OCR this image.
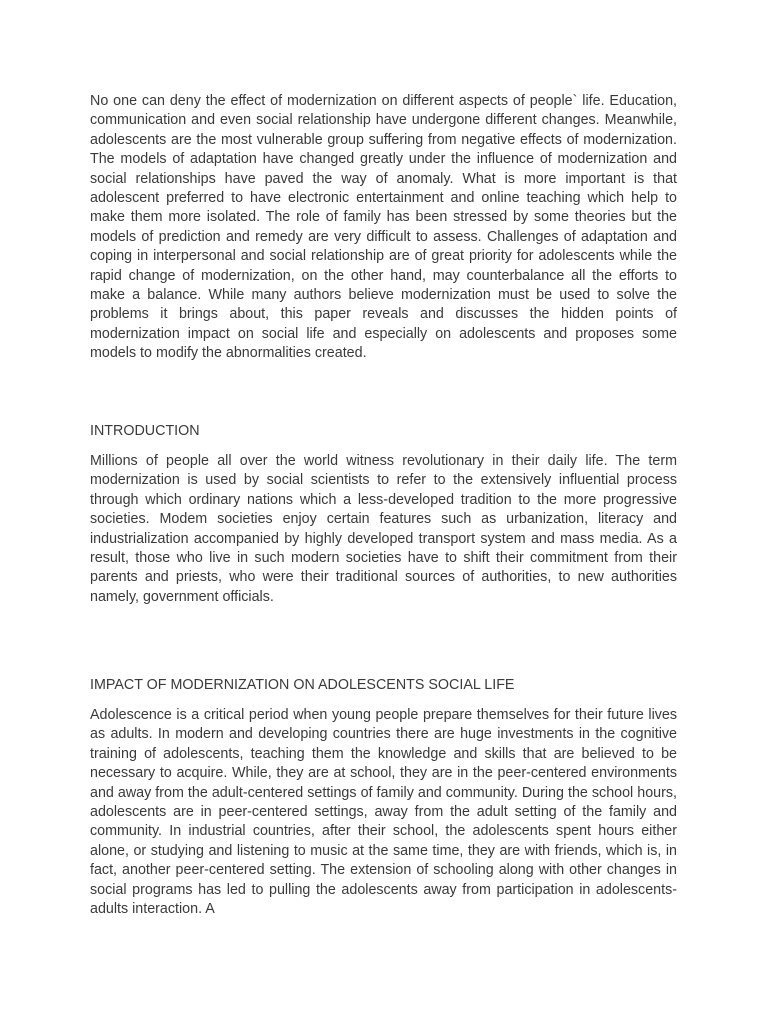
No one can deny the effect of modernization on different aspects of people` life. Education, communication and even social relationship have undergone different changes. Meanwhile, adolescents are the most vulnerable group suffering from negative effects of modernization. The models of adaptation have changed greatly under the influence of modernization and social relationships have paved the way of anomaly. What is more important is that adolescent preferred to have electronic entertainment and online teaching which help to make them more isolated. The role of family has been stressed by some theories but the models of prediction and remedy are very difficult to assess. Challenges of adaptation and coping in interpersonal and social relationship are of great priority for adolescents while the rapid change of modernization, on the other hand, may counterbalance all the efforts to make a balance. While many authors believe modernization must be used to solve the problems it brings about, this paper reveals and discusses the hidden points of modernization impact on social life and especially on adolescents and proposes some models to modify the abnormalities created.

INTRODUCTION

Millions of people all over the world witness revolutionary in their daily life. The term modernization is used by social scientists to refer to the extensively influential process through which ordinary nations which a less-developed tradition to the more progressive societies. Modem societies enjoy certain features such as urbanization, literacy and industrialization accompanied by highly developed transport system and mass media. As a result, those who live in such modern societies have to shift their commitment from their parents and priests, who were their traditional sources of authorities, to new authorities namely, government officials.

IMPACT OF MODERNIZATION ON ADOLESCENTS SOCIAL LIFE

Adolescence is a critical period when young people prepare themselves for their future lives as adults. In modern and developing countries there are huge investments in the cognitive training of adolescents, teaching them the knowledge and skills that are believed to be necessary to acquire. While, they are at school, they are in the peer-centered environments and away from the adult-centered settings of family and community. During the school hours, adolescents are in peer-centered settings, away from the adult setting of the family and community. In industrial countries, after their school, the adolescents spent hours either alone, or studying and listening to music at the same time, they are with friends, which is, in fact, another peer-centered setting. The extension of schooling along with other changes in social programs has led to pulling the adolescents away from participation in adolescents-adults interaction. A
